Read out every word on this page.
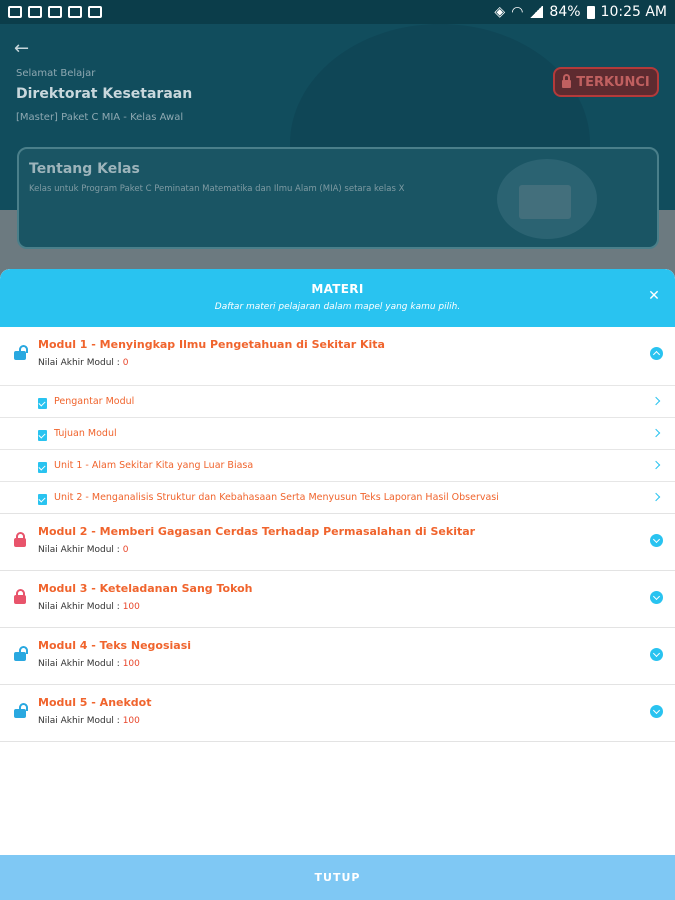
◈ ◠ 84% 10:25 AM
←
Selamat Belajar
Direktorat Kesetaraan
[Master] Paket C MIA - Kelas Awal
TERKUNCI
Tentang Kelas
Kelas untuk Program Paket C Peminatan Matematika dan Ilmu Alam (MIA) setara kelas X
MATERI
Daftar materi pelajaran dalam mapel yang kamu pilih.
✕
Modul 1 - Menyingkap Ilmu Pengetahuan di Sekitar Kita
Nilai Akhir Modul : 0
Pengantar Modul
Tujuan Modul
Unit 1 - Alam Sekitar Kita yang Luar Biasa
Unit 2 - Menganalisis Struktur dan Kebahasaan Serta Menyusun Teks Laporan Hasil Observasi
Modul 2 - Memberi Gagasan Cerdas Terhadap Permasalahan di Sekitar
Nilai Akhir Modul : 0
Modul 3 - Keteladanan Sang Tokoh
Nilai Akhir Modul : 100
Modul 4 - Teks Negosiasi
Nilai Akhir Modul : 100
Modul 5 - Anekdot
Nilai Akhir Modul : 100
TUTUP
